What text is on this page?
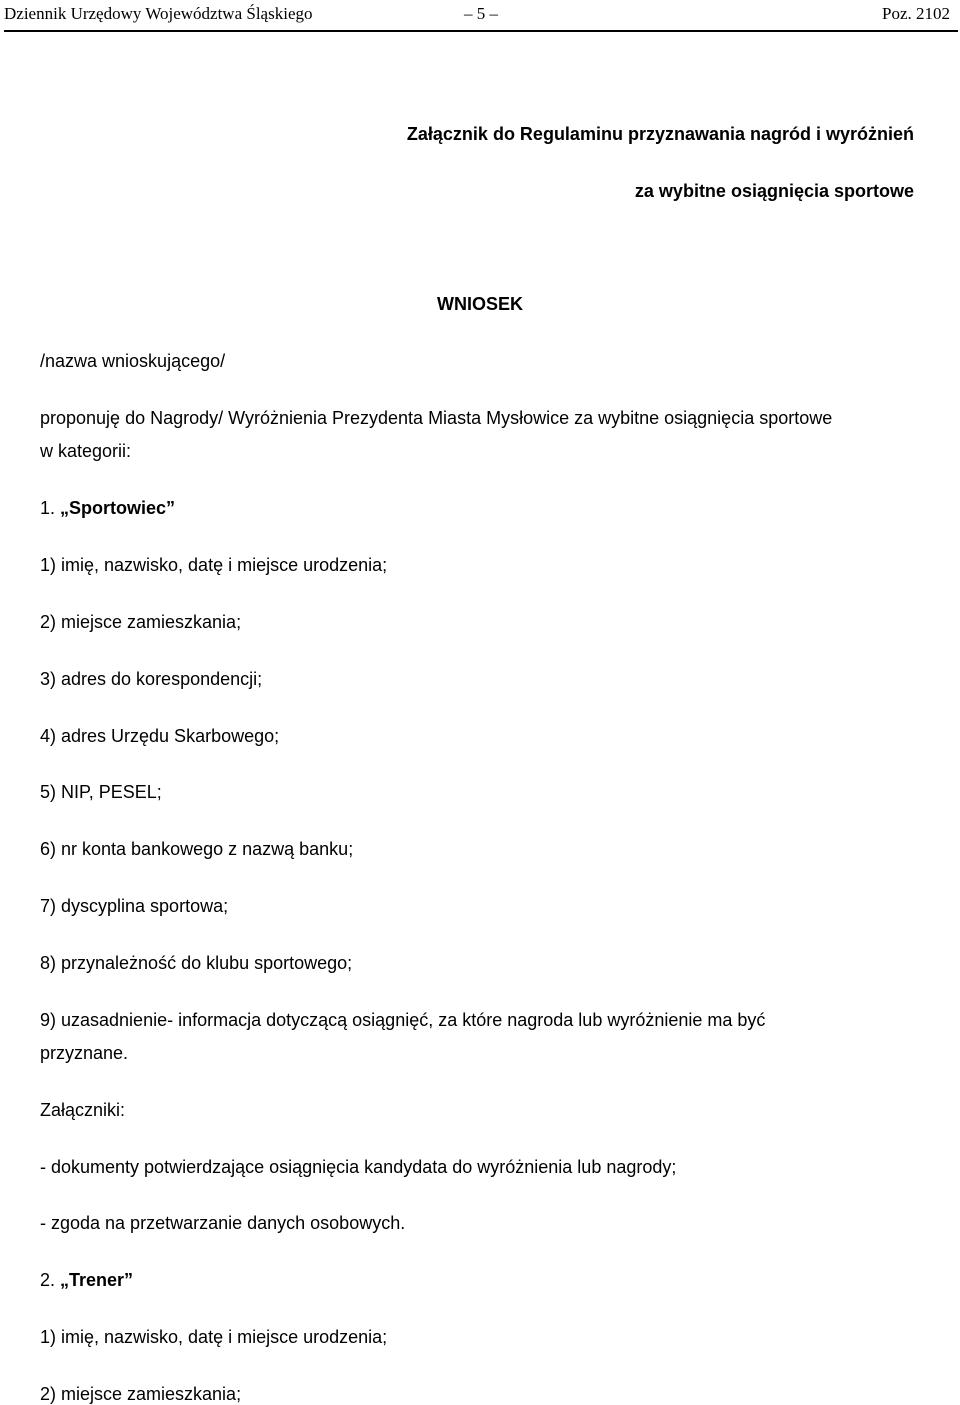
Dziennik Urzędowy Województwa Śląskiego	– 5 –	Poz. 2102
Załącznik do Regulaminu przyznawania nagród i wyróżnień
za wybitne osiągnięcia sportowe
WNIOSEK
/nazwa wnioskującego/
proponuję do Nagrody/ Wyróżnienia Prezydenta Miasta Mysłowice za wybitne osiągnięcia sportowe
w kategorii:
1. „Sportowiec”
1) imię, nazwisko, datę i miejsce urodzenia;
2) miejsce zamieszkania;
3) adres do korespondencji;
4) adres Urzędu Skarbowego;
5) NIP, PESEL;
6) nr konta bankowego z nazwą banku;
7) dyscyplina sportowa;
8) przynależność do klubu sportowego;
9) uzasadnienie- informacja dotyczącą osiągnięć, za które nagroda lub wyróżnienie ma być
przyznane.
Załączniki:
- dokumenty potwierdzające osiągnięcia kandydata do wyróżnienia lub nagrody;
- zgoda na przetwarzanie danych osobowych.
2. „Trener”
1) imię, nazwisko, datę i miejsce urodzenia;
2) miejsce zamieszkania;
